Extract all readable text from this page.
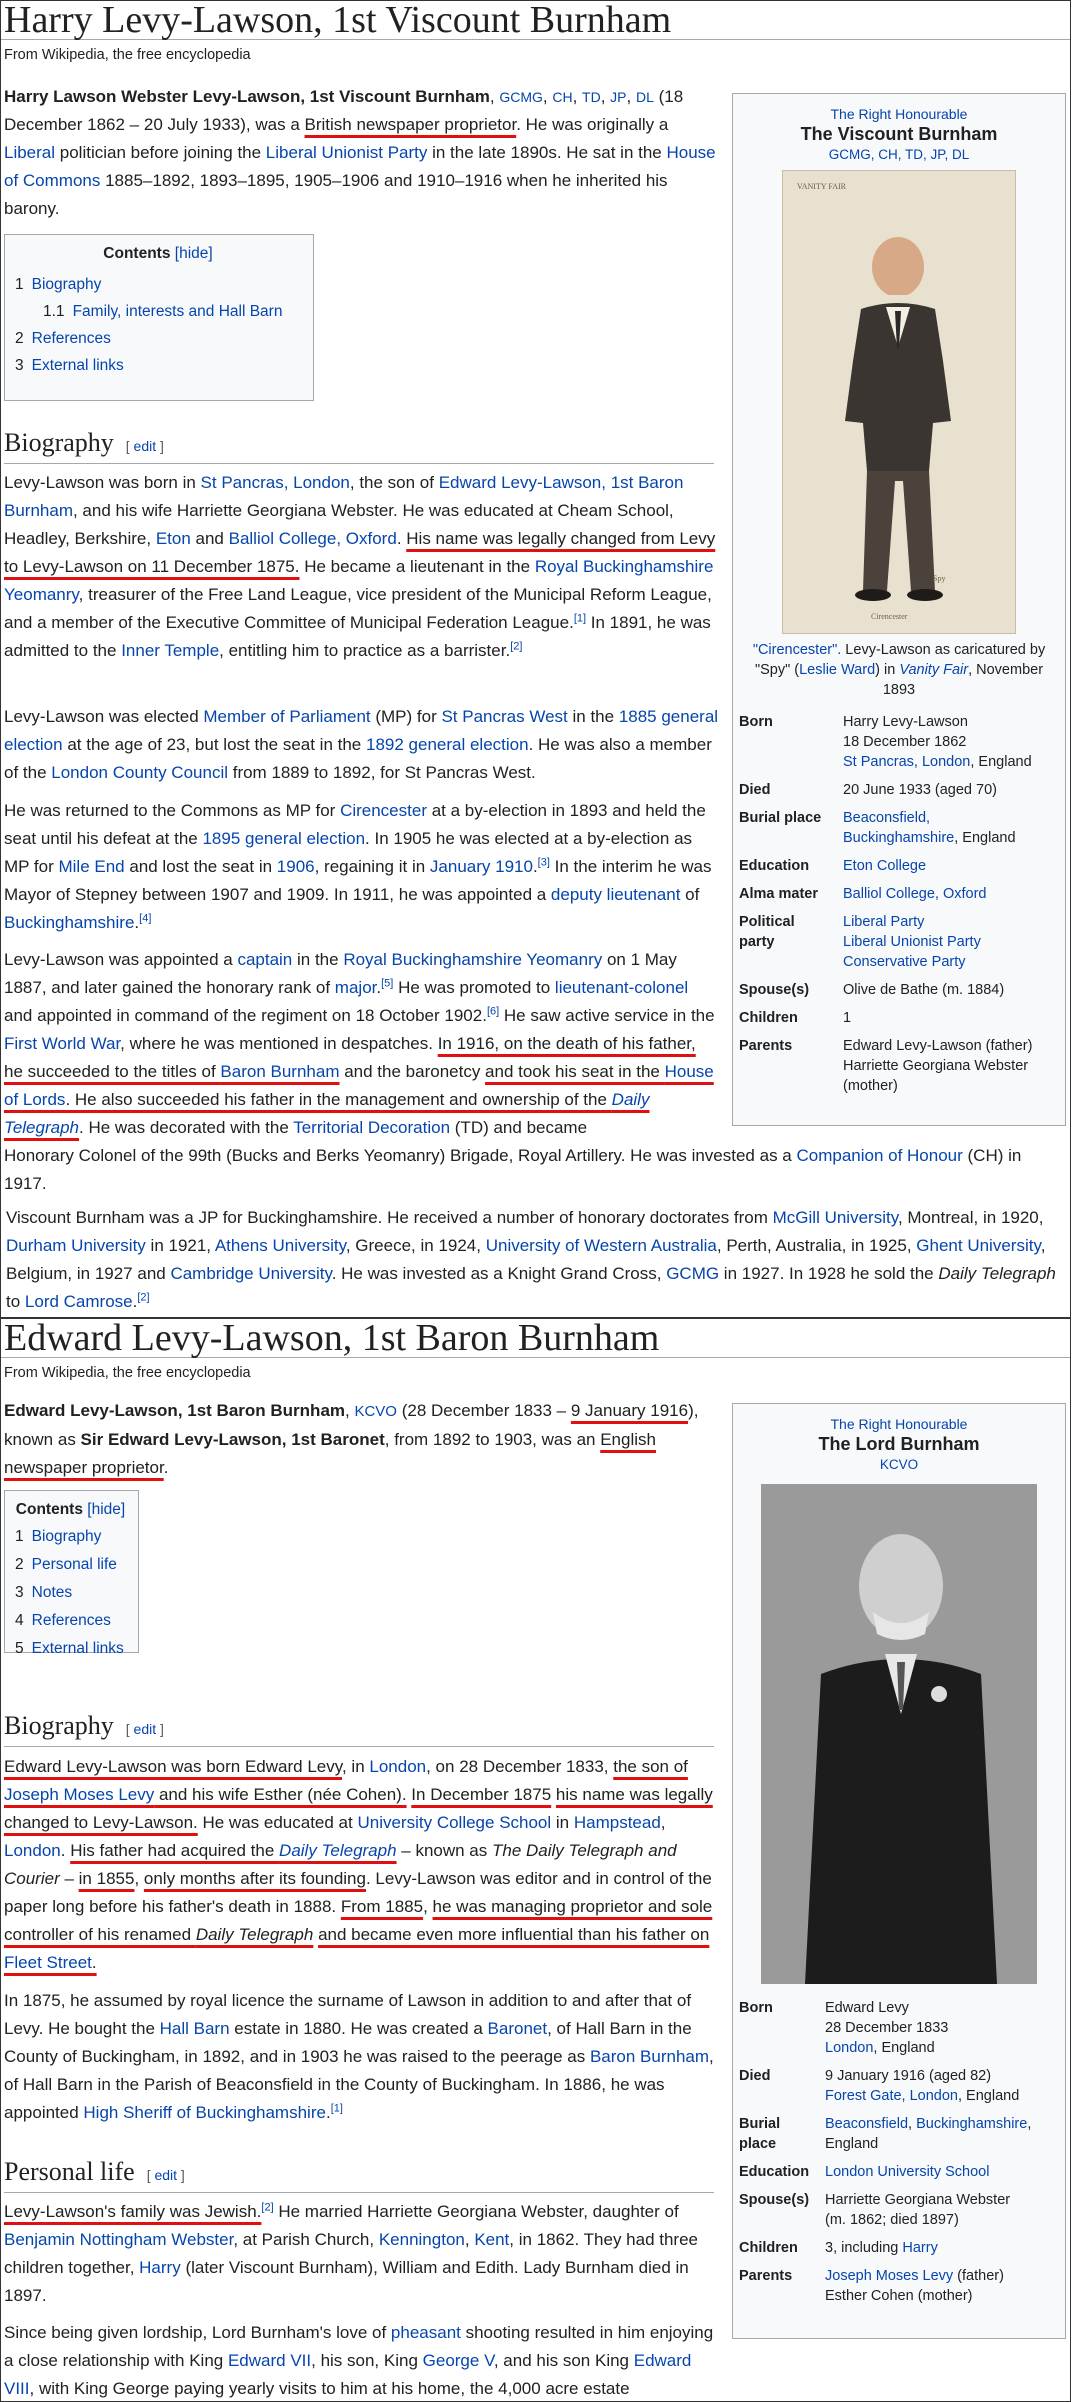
Harry Levy-Lawson, 1st Viscount Burnham
From Wikipedia, the free encyclopedia
Harry Lawson Webster Levy-Lawson, 1st Viscount Burnham, GCMG, CH, TD, JP, DL (18 December 1862 – 20 July 1933), was a British newspaper proprietor. He was originally a Liberal politician before joining the Liberal Unionist Party in the late 1890s. He sat in the House of Commons 1885–1892, 1893–1895, 1905–1906 and 1910–1916 when he inherited his barony.
Contents [hide]
1 Biography
1.1 Family, interests and Hall Barn
2 References
3 External links
Biography [ edit ]
Levy-Lawson was born in St Pancras, London, the son of Edward Levy-Lawson, 1st Baron Burnham, and his wife Harriette Georgiana Webster. He was educated at Cheam School, Headley, Berkshire, Eton and Balliol College, Oxford. His name was legally changed from Levy to Levy-Lawson on 11 December 1875. He became a lieutenant in the Royal Buckinghamshire Yeomanry, treasurer of the Free Land League, vice president of the Municipal Reform League, and a member of the Executive Committee of Municipal Federation League.[1] In 1891, he was admitted to the Inner Temple, entitling him to practice as a barrister.[2]
Levy-Lawson was elected Member of Parliament (MP) for St Pancras West in the 1885 general election at the age of 23, but lost the seat in the 1892 general election. He was also a member of the London County Council from 1889 to 1892, for St Pancras West.
He was returned to the Commons as MP for Cirencester at a by-election in 1893 and held the seat until his defeat at the 1895 general election. In 1905 he was elected at a by-election as MP for Mile End and lost the seat in 1906, regaining it in January 1910.[3] In the interim he was Mayor of Stepney between 1907 and 1909. In 1911, he was appointed a deputy lieutenant of Buckinghamshire.[4]
Levy-Lawson was appointed a captain in the Royal Buckinghamshire Yeomanry on 1 May 1887, and later gained the honorary rank of major.[5] He was promoted to lieutenant-colonel and appointed in command of the regiment on 18 October 1902.[6] He saw active service in the First World War, where he was mentioned in despatches. In 1916, on the death of his father, he succeeded to the titles of Baron Burnham and the baronetcy and took his seat in the House of Lords. He also succeeded his father in the management and ownership of the Daily Telegraph. He was decorated with the Territorial Decoration (TD) and became
Honorary Colonel of the 99th (Bucks and Berks Yeomanry) Brigade, Royal Artillery. He was invested as a Companion of Honour (CH) in 1917.
Viscount Burnham was a JP for Buckinghamshire. He received a number of honorary doctorates from McGill University, Montreal, in 1920, Durham University in 1921, Athens University, Greece, in 1924, University of Western Australia, Perth, Australia, in 1925, Ghent University, Belgium, in 1927 and Cambridge University. He was invested as a Knight Grand Cross, GCMG in 1927. In 1928 he sold the Daily Telegraph to Lord Camrose.[2]
The Right Honourable
The Viscount Burnham
GCMG, CH, TD, JP, DL
VANITY FAIR
Spy
Cirencester
"Cirencester". Levy-Lawson as caricatured by "Spy" (Leslie Ward) in Vanity Fair, November 1893
Born	Harry Levy-Lawson
18 December 1862
St Pancras, London, England
Died	20 June 1933 (aged 70)
Burial place	Beaconsfield,
Buckinghamshire, England
Education	Eton College
Alma mater	Balliol College, Oxford
Political party	Liberal Party
Liberal Unionist Party
Conservative Party
Spouse(s)	Olive de Bathe (m. 1884)
Children	1
Parents	Edward Levy-Lawson (father)
Harriette Georgiana Webster (mother)
Edward Levy-Lawson, 1st Baron Burnham
From Wikipedia, the free encyclopedia
Edward Levy-Lawson, 1st Baron Burnham, KCVO (28 December 1833 – 9 January 1916), known as Sir Edward Levy-Lawson, 1st Baronet, from 1892 to 1903, was an English newspaper proprietor.
Contents [hide]
1 Biography
2 Personal life
3 Notes
4 References
5 External links
Biography [ edit ]
Edward Levy-Lawson was born Edward Levy, in London, on 28 December 1833, the son of Joseph Moses Levy and his wife Esther (née Cohen). In December 1875 his name was legally changed to Levy-Lawson. He was educated at University College School in Hampstead, London. His father had acquired the Daily Telegraph – known as The Daily Telegraph and Courier – in 1855, only months after its founding. Levy-Lawson was editor and in control of the paper long before his father's death in 1888. From 1885, he was managing proprietor and sole controller of his renamed Daily Telegraph and became even more influential than his father on Fleet Street.
In 1875, he assumed by royal licence the surname of Lawson in addition to and after that of Levy. He bought the Hall Barn estate in 1880. He was created a Baronet, of Hall Barn in the County of Buckingham, in 1892, and in 1903 he was raised to the peerage as Baron Burnham, of Hall Barn in the Parish of Beaconsfield in the County of Buckingham. In 1886, he was appointed High Sheriff of Buckinghamshire.[1]
Personal life [ edit ]
Levy-Lawson's family was Jewish.[2] He married Harriette Georgiana Webster, daughter of Benjamin Nottingham Webster, at Parish Church, Kennington, Kent, in 1862. They had three children together, Harry (later Viscount Burnham), William and Edith. Lady Burnham died in 1897.
Since being given lordship, Lord Burnham's love of pheasant shooting resulted in him enjoying a close relationship with King Edward VII, his son, King George V, and his son King Edward VIII, with King George paying yearly visits to him at his home, the 4,000 acre estate
The Right Honourable
The Lord Burnham
KCVO
Born	Edward Levy
28 December 1833
London, England
Died	9 January 1916 (aged 82)
Forest Gate, London, England
Burial place	Beaconsfield, Buckinghamshire, England
Education	London University School
Spouse(s)	Harriette Georgiana Webster
(m. 1862; died 1897)
Children	3, including Harry
Parents	Joseph Moses Levy (father)
Esther Cohen (mother)
